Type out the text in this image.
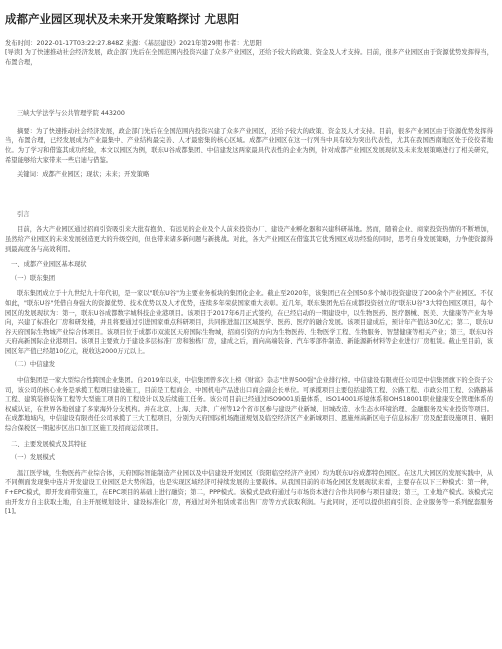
成都产业园区现状及未来开发策略探讨 尤思阳
发布时间：2022-01-17T03:22:27.848Z 来源：《基层建设》2021年第29期 作者：尤思阳

[导读] 为了快速推动社会经济发展，政企部门先后在全国范围内投资兴建了众多产业园区，还给予较大的政策、资金及人才支持。目前，很多产业园区由于资源优势发挥得当，布置合理，

三峡大学法学与公共管理学院 443200

摘要：为了快速推动社会经济发展，政企部门先后在全国范围内投资兴建了众多产业园区，还给予较大的政策、资金及人才支持。目前，很多产业园区由于资源优势发挥得当，布置合理，已经发展成为产业最集中、产业结构最完善、人才最密集的核心区域。成都产业园区在这一行列当中具有较为突出代表性，尤其在我国西南地区处于佼佼者地位。为了学习和借鉴其成功经验，本文以园区为例，联东U谷成都集团、中信建发这两家最具代表性的企业为例，针对成都产业园区发展现状及未来发展策略进行了相关研究，希望能够给大家带来一些启迪与借鉴。

关键词：成都产业园区；现状；未来；开发策略

引言

目前，各大产业园区通过招商引资吸引来大批有抱负、有远见的企业及个人前来投资办厂、建设产业孵化器和兴建科研基地。然而，随着企业、商家投资热情的不断增加，虽然给产业园区的未来发展创造更大的升级空间，但也带来诸多新问题与新挑战。对此，各大产业园区在借鉴其它优秀园区成功经验的同时，思考自身发展策略，力争使资源得到最高度各与高效利用。

一、成都产业园区基本现状
（一）联东集团

联东集团成立于十九世纪九十年代初，是一家以"联东U谷"为主要业务板块的集团化企业。截止至2020年，该集团已在全国50多个城市投资建设了200余个产业园区。不仅如此，"联东U谷"凭借自身强大的资源优势、技术优势以及人才优势，连续多年荣获国家重大表彰。近几年，联东集团先后在成都投资创立的"联东U谷"3大特色园区项目，每个园区的发展现状为：第一，联东U谷成都数字城科技企业港项目。该项目于2017年6月正式签约，在已经启动的一期建设中，以生物医药、医疗器械、医美、大健康等产业为导向，兴建了标准化厂房和研发楼，并且将要通过引进国家重点科研项目，共同推进温江区域医学、医药、医疗的融合发展。该项目建成后，预计年产值达30亿元；第二，联东U谷天府国际生物城产业综合体项目。该项目位于成都市双流区天府国际生物城，招商引资的方向为生物医药、生物医学工程、生物服务、智慧健康等相关产业；第三，联东U谷天府高新国际企业港项目。该项目主要致力于建设多层标准厂房和独栋厂房，建成之后，面向高端装备、汽车零部件制造、新能源新材料等企业进行厂房租赁。截止至目前，该园区年产值已经超10亿元，税收达2000万元以上。

（二）中信建发

中信集团是一家大型综合性跨国企业集团。自2019年以来，中信集团曾多次上榜《财富》杂志"世界500强"企业排行榜。中信建设有限责任公司是中信集团旗下的全资子公司，该公司的核心业务是承揽工程项目建设施工，目前是工程商会、中国机电产品进出口商会副会长单位。可承揽项目主要包括建筑工程、公路工程、市政公用工程、公路路基工程、建筑装修装饰工程等大型施工项目的工程设计以及后续施工任务。该公司目前已经通过ISO9001质量体系、ISO14001环境体系和OHS18001职业健康安全管理体系的权威认证，在世界各地创建了多家海外分支机构。并在北京、上海、天津、广州等12个省市区参与建设产业新城、旧城改造、水生态水环境治理、金融服务及实业投资等项目。在成都地域内，中信建设有限责任公司承揽了三大工程项目，分别为天府国际机场跑道规划及临空经济区产业新城项目、恩施州高新区电子信息标准厂房及配套设施项目、襄阳综合保税区一期起步区出口加工区施工及招商运营项目。

二、主要发展模式及其特征
（一）发展模式

温江医学城，生物医药产业综合体，天府国际智能制造产业园以及中信建设开发园区（资阳临空经济产业园）均为联东U谷成都特色园区。在这几大园区的发展实践中，从不同侧面发现集中连片开发建设工业园区是大势所趋，也是实现区域经济可持续发展的主要载体。从我国目前的市场化园区发展现状来看，主要存在以下三种模式：第一种，F+EPC模式，即开发商带资施工，在EPC项目的基础上进行融资；第二，PPP模式。该模式是政府通过与市场资本进行合作共同参与项目建设；第三，工业地产模式。该模式完由开发方自主获取土地，自主开展规划设计、建设标准化厂房，再通过对外租赁或者出售厂房等方式获取利润。与此同时，还可以提供招商引资、企业服务等一系列配套服务[1]。
